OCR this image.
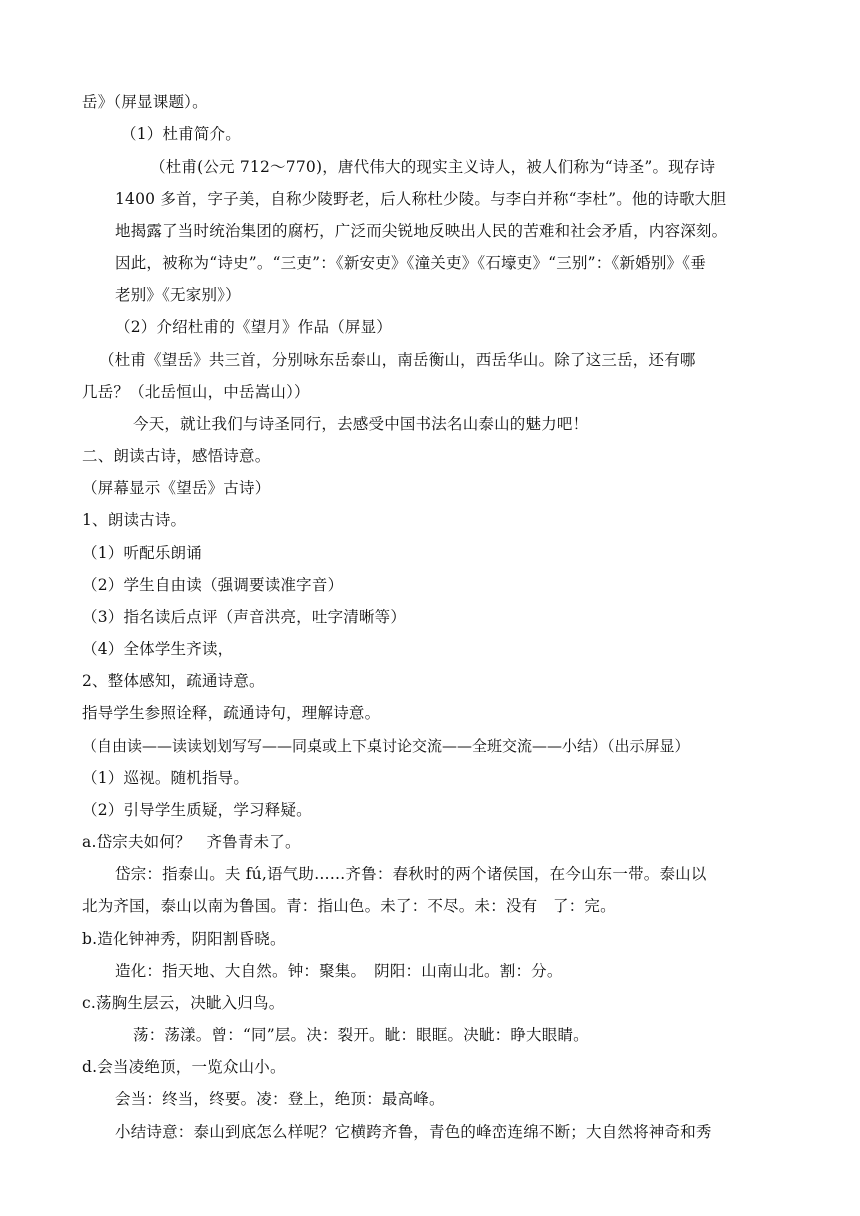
岳》（屏显课题）。
（1）杜甫简介。
（杜甫(公元 712～770)，唐代伟大的现实主义诗人，被人们称为“诗圣”。现存诗
1400 多首，字子美，自称少陵野老，后人称杜少陵。与李白并称“李杜”。他的诗歌大胆
地揭露了当时统治集团的腐朽，广泛而尖锐地反映出人民的苦难和社会矛盾，内容深刻。
因此，被称为“诗史”。“三吏”：《新安吏》《潼关吏》《石壕吏》“三别”：《新婚别》《垂
老别》《无家别》）
（2）介绍杜甫的《望月》作品（屏显）
（杜甫《望岳》共三首，分别咏东岳泰山，南岳衡山，西岳华山。除了这三岳，还有哪
几岳？（北岳恒山，中岳嵩山））
今天，就让我们与诗圣同行，去感受中国书法名山泰山的魅力吧！
二、朗读古诗，感悟诗意。
（屏幕显示《望岳》古诗）
1、朗读古诗。
（1）听配乐朗诵
（2）学生自由读（强调要读准字音）
（3）指名读后点评（声音洪亮，吐字清晰等）
（4）全体学生齐读，
2、整体感知，疏通诗意。
指导学生参照诠释，疏通诗句，理解诗意。
（自由读——读读划划写写——同桌或上下桌讨论交流——全班交流——小结）（出示屏显）
（1）巡视。随机指导。
（2）引导学生质疑，学习释疑。
a.岱宗夫如何？　齐鲁青未了。
岱宗：指泰山。夫 fú,语气助……齐鲁：春秋时的两个诸侯国，在今山东一带。泰山以
北为齐国，泰山以南为鲁国。青：指山色。未了：不尽。未：没有　了：完。
b.造化钟神秀，阴阳割昏晓。
造化：指天地、大自然。钟：聚集。　阴阳：山南山北。割：分。
c.荡胸生层云，决眦入归鸟。
荡：荡漾。曾：“同”层。决：裂开。眦：眼眶。决眦：睁大眼睛。
d.会当凌绝顶，一览众山小。
会当：终当，终要。凌：登上，绝顶：最高峰。
小结诗意：泰山到底怎么样呢？它横跨齐鲁，青色的峰峦连绵不断；大自然将神奇和秀
